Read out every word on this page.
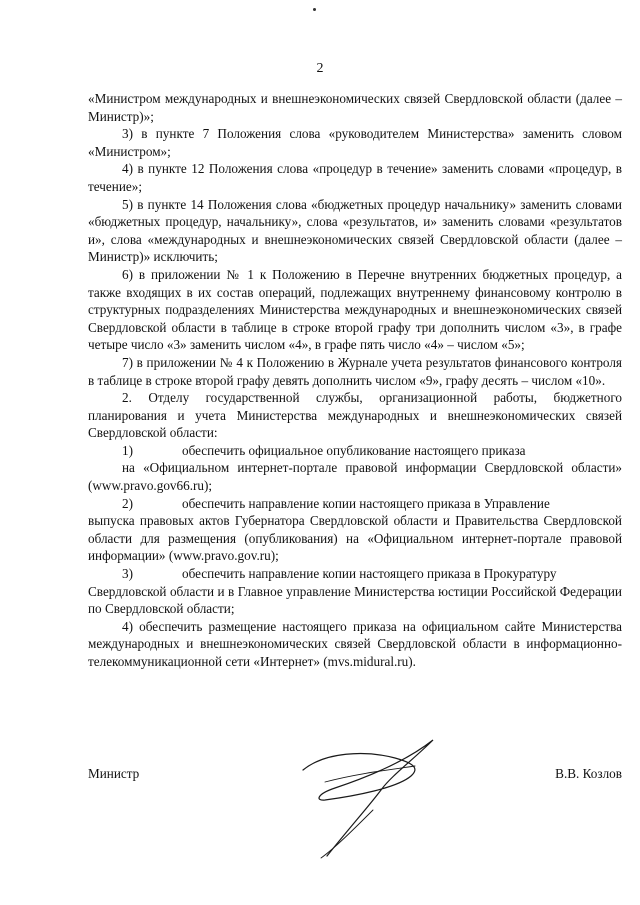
2

«Министром международных и внешнеэкономических связей Свердловской области (далее – Министр)»;

3) в пункте 7 Положения слова «руководителем Министерства» заменить словом «Министром»;

4) в пункте 12 Положения слова «процедур в течение» заменить словами «процедур, в течение»;

5) в пункте 14 Положения слова «бюджетных процедур начальнику» заменить словами «бюджетных процедур, начальнику», слова «результатов, и» заменить словами «результатов и», слова «международных и внешнеэкономических связей Свердловской области (далее – Министр)» исключить;

6) в приложении № 1 к Положению в Перечне внутренних бюджетных процедур, а также входящих в их состав операций, подлежащих внутреннему финансовому контролю в структурных подразделениях Министерства международных и внешнеэкономических связей Свердловской области в таблице в строке второй графу три дополнить числом «3», в графе четыре число «3» заменить числом «4», в графе пять число «4» – числом «5»;

7) в приложении № 4 к Положению в Журнале учета результатов финансового контроля в таблице в строке второй графу девять дополнить числом «9», графу десять – числом «10».

2. Отделу государственной службы, организационной работы, бюджетного планирования и учета Министерства международных и внешнеэкономических связей Свердловской области:

1)	обеспечить официальное опубликование настоящего приказа

на «Официальном интернет-портале правовой информации Свердловской области» (www.pravo.gov66.ru);

2)	обеспечить направление копии настоящего приказа в Управление

выпуска правовых актов Губернатора Свердловской области и Правительства Свердловской области для размещения (опубликования) на «Официальном интернет-портале правовой информации» (www.pravo.gov.ru);

3)	обеспечить направление копии настоящего приказа в Прокуратуру

Свердловской области и в Главное управление Министерства юстиции Российской Федерации по Свердловской области;

4) обеспечить размещение настоящего приказа на официальном сайте Министерства международных и внешнеэкономических связей Свердловской области в информационно-телекоммуникационной сети «Интернет» (mvs.midural.ru).

Министр	В.В. Козлов
